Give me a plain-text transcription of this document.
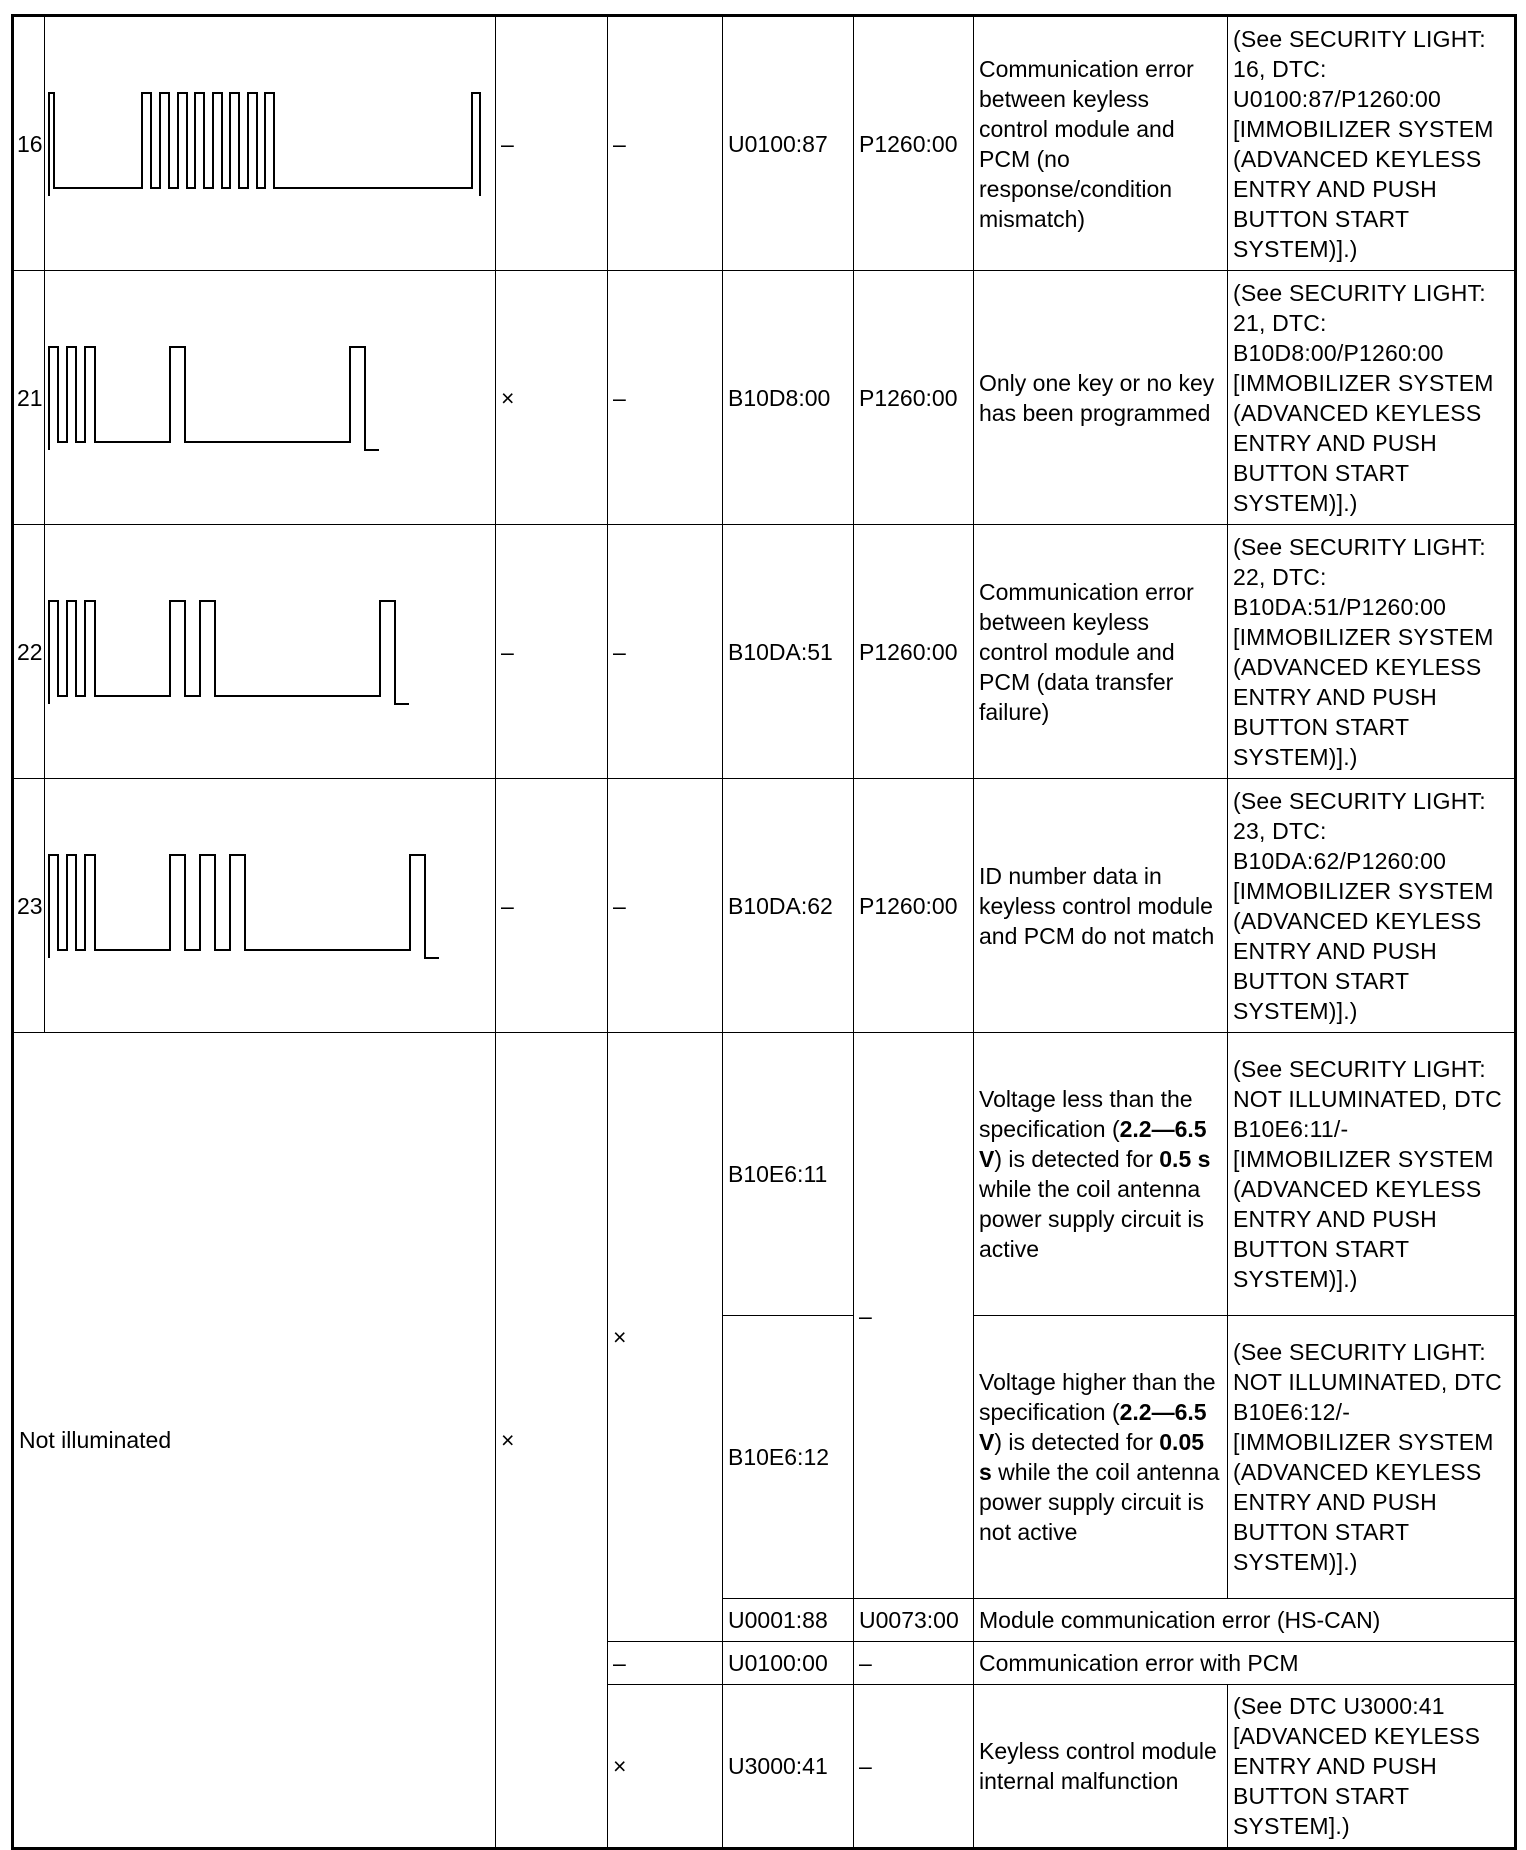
16		–	–	U0100:87	P1260:00	Communication error between keyless control module and PCM (no response/condition mismatch)	(See SECURITY LIGHT: 16, DTC: U0100:87/P1260:00 [IMMOBILIZER SYSTEM (ADVANCED KEYLESS ENTRY AND PUSH BUTTON START SYSTEM)].)
21		×	–	B10D8:00	P1260:00	Only one key or no key has been programmed	(See SECURITY LIGHT: 21, DTC: B10D8:00/P1260:00 [IMMOBILIZER SYSTEM (ADVANCED KEYLESS ENTRY AND PUSH BUTTON START SYSTEM)].)
22		–	–	B10DA:51	P1260:00	Communication error between keyless control module and PCM (data transfer failure)	(See SECURITY LIGHT: 22, DTC: B10DA:51/P1260:00 [IMMOBILIZER SYSTEM (ADVANCED KEYLESS ENTRY AND PUSH BUTTON START SYSTEM)].)
23		–	–	B10DA:62	P1260:00	ID number data in keyless control module and PCM do not match	(See SECURITY LIGHT: 23, DTC: B10DA:62/P1260:00 [IMMOBILIZER SYSTEM (ADVANCED KEYLESS ENTRY AND PUSH BUTTON START SYSTEM)].)
Not illuminated		×	×	B10E6:11	–	Voltage less than the specification (2.2—6.5 V) is detected for 0.5 s while the coil antenna power supply circuit is active	(See SECURITY LIGHT: NOT ILLUMINATED, DTC B10E6:11/- [IMMOBILIZER SYSTEM (ADVANCED KEYLESS ENTRY AND PUSH BUTTON START SYSTEM)].)
				B10E6:12		Voltage higher than the specification (2.2—6.5 V) is detected for 0.05 s while the coil antenna power supply circuit is not active	(See SECURITY LIGHT: NOT ILLUMINATED, DTC B10E6:12/- [IMMOBILIZER SYSTEM (ADVANCED KEYLESS ENTRY AND PUSH BUTTON START SYSTEM)].)
				U0001:88	U0073:00	Module communication error (HS-CAN)	
			–	U0100:00	–	Communication error with PCM	
			×	U3000:41	–	Keyless control module internal malfunction	(See DTC U3000:41 [ADVANCED KEYLESS ENTRY AND PUSH BUTTON START SYSTEM].)
